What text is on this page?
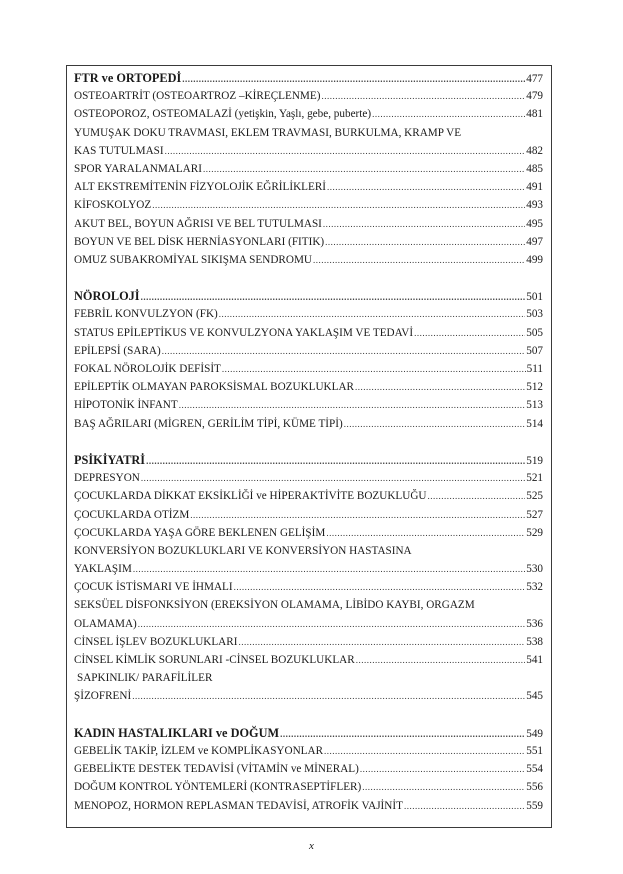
FTR ve ORTOPEDİ .....	477
OSTEOARTRİT (OSTEOARTROZ –KİREÇLENME) .....	479
OSTEOPOROZ, OSTEOMALAZİ (yetişkin, Yaşlı, gebe, puberte) .....	481
YUMUŞAK DOKU TRAVMASI, EKLEM TRAVMASI, BURKULMA, KRAMP VE
KAS TUTULMASI .....	482
SPOR YARALANMALARI .....	485
ALT EKSTREMİTENİN FİZYOLOJİK EĞRİLİKLERİ .....	491
KİFOSKOLYOZ .....	493
AKUT BEL, BOYUN AĞRISI VE BEL TUTULMASI .....	495
BOYUN VE BEL DİSK HERNİASYONLARI (FITIK) .....	497
OMUZ SUBAKROMİYAL SIKIŞMA SENDROMU .....	499
NÖROLOJİ .....	501
FEBRİL KONVULZYON (FK) .....	503
STATUS EPİLEPTİKUS VE KONVULZYONA YAKLAŞIM VE TEDAVİ .....	505
EPİLEPSİ (SARA) .....	507
FOKAL NÖROLOJİK DEFİSİT .....	511
EPİLEPTİK OLMAYAN PAROKSİSMAL BOZUKLUKLAR .....	512
HİPOTONİK İNFANT .....	513
BAŞ AĞRILARI (MİGREN, GERİLİM TİPİ, KÜME TİPİ) .....	514
PSİKİYATRİ .....	519
DEPRESYON .....	521
ÇOCUKLARDA DİKKAT EKSİKLİĞİ ve HİPERAKTİVİTE BOZUKLUĞU .....	525
ÇOCUKLARDA OTİZM .....	527
ÇOCUKLARDA YAŞA GÖRE BEKLENEN GELİŞİM .....	529
KONVERSİYON BOZUKLUKLARI VE KONVERSİYON HASTASINA
YAKLAŞIM .....	530
ÇOCUK İSTİSMARI VE İHMALI .....	532
SEKSÜEL DİSFONKSİYON (EREKSİYON OLAMAMA, LİBİDO KAYBI, ORGAZM
OLAMAMA) .....	536
CİNSEL İŞLEV BOZUKLUKLARI .....	538
CİNSEL KİMLİK SORUNLARI -CİNSEL BOZUKLUKLAR .....	541
SAPKINLIK/ PARAFİLİLER
ŞİZOFRENİ .....	545
KADIN HASTALIKLARI ve DOĞUM .....	549
GEBELİK TAKİP, İZLEM ve KOMPLİKASYONLAR .....	551
GEBELİKTE DESTEK TEDAVİSİ (VİTAMİN ve MİNERAL) .....	554
DOĞUM KONTROL YÖNTEMLERİ (KONTRASEPTİFLER) .....	556
MENOPOZ, HORMON REPLASMAN TEDAVİSİ, ATROFİK VAJİNİT .....	559
x
